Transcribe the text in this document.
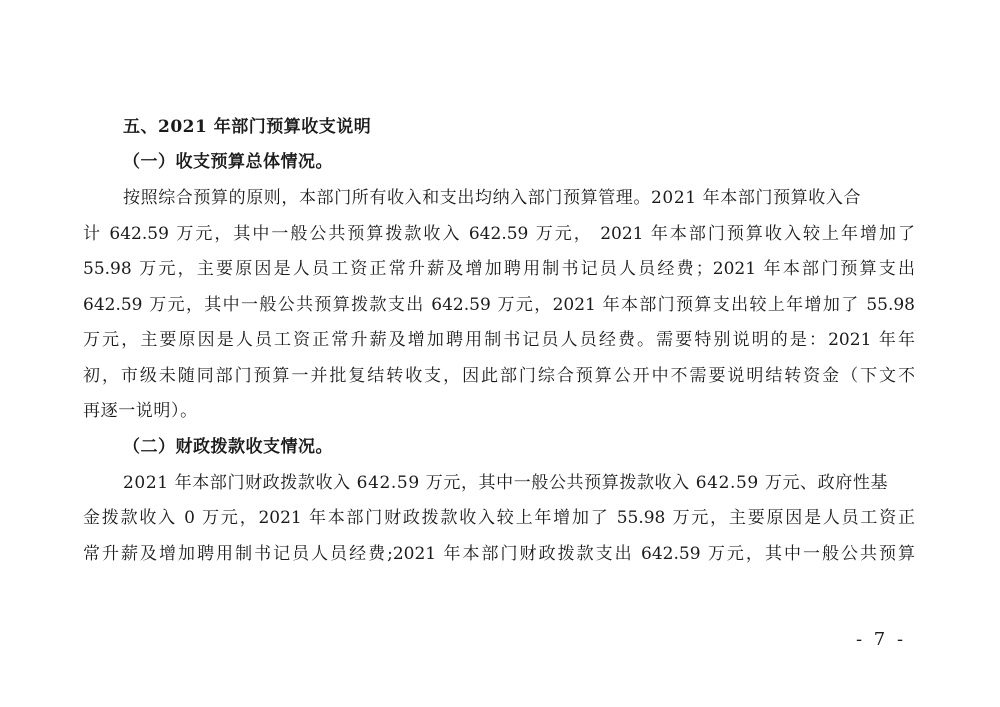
五、2021 年部门预算收支说明

（一）收支预算总体情况。

按照综合预算的原则，本部门所有收入和支出均纳入部门预算管理。2021 年本部门预算收入合

计 642.59 万元，其中一般公共预算拨款收入 642.59 万元， 2021 年本部门预算收入较上年增加了

55.98 万元，主要原因是人员工资正常升薪及增加聘用制书记员人员经费；2021 年本部门预算支出

642.59 万元，其中一般公共预算拨款支出 642.59 万元，2021 年本部门预算支出较上年增加了 55.98

万元，主要原因是人员工资正常升薪及增加聘用制书记员人员经费。需要特别说明的是：2021 年年

初，市级未随同部门预算一并批复结转收支，因此部门综合预算公开中不需要说明结转资金（下文不

再逐一说明）。

（二）财政拨款收支情况。

2021 年本部门财政拨款收入 642.59 万元，其中一般公共预算拨款收入 642.59 万元、政府性基

金拨款收入 0 万元，2021 年本部门财政拨款收入较上年增加了 55.98 万元，主要原因是人员工资正

常升薪及增加聘用制书记员人员经费;2021 年本部门财政拨款支出 642.59 万元，其中一般公共预算

- 7 -
